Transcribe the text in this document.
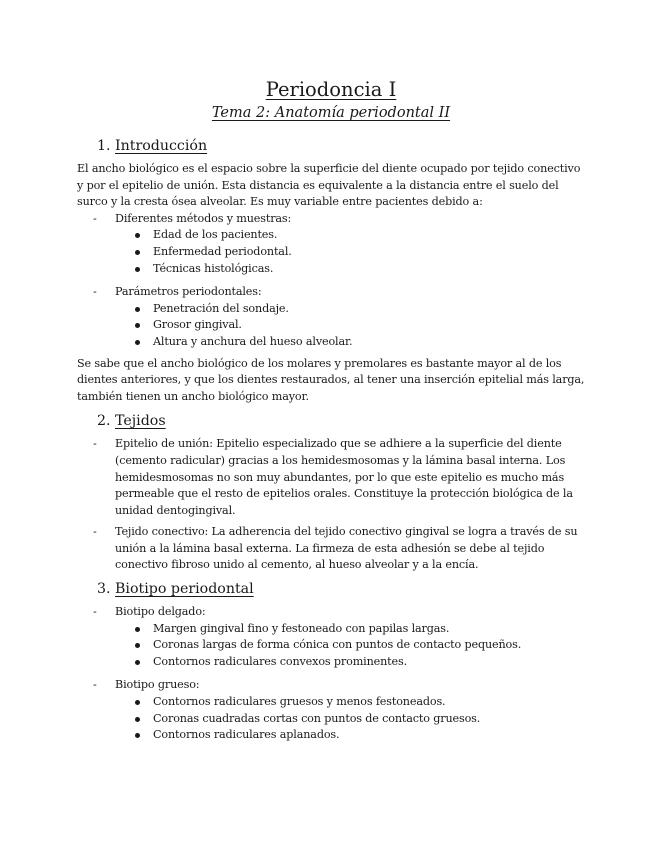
Periodoncia I
Tema 2: Anatomía periodontal II
1. Introducción

El ancho biológico es el espacio sobre la superficie del diente ocupado por tejido conectivo y por el epitelio de unión. Esta distancia es equivalente a la distancia entre el suelo del surco y la cresta ósea alveolar. Es muy variable entre pacientes debido a:

- Diferentes métodos y muestras:
Edad de los pacientes.
Enfermedad periodontal.
Técnicas histológicas.
- Parámetros periodontales:
Penetración del sondaje.
Grosor gingival.
Altura y anchura del hueso alveolar.

Se sabe que el ancho biológico de los molares y premolares es bastante mayor al de los dientes anteriores, y que los dientes restaurados, al tener una inserción epitelial más larga, también tienen un ancho biológico mayor.

2. Tejidos
- Epitelio de unión: Epitelio especializado que se adhiere a la superficie del diente (cemento radicular) gracias a los hemidesmosomas y la lámina basal interna. Los hemidesmosomas no son muy abundantes, por lo que este epitelio es mucho más permeable que el resto de epitelios orales. Constituye la protección biológica de la unidad dentogingival.
- Tejido conectivo: La adherencia del tejido conectivo gingival se logra a través de su unión a la lámina basal externa. La firmeza de esta adhesión se debe al tejido conectivo fibroso unido al cemento, al hueso alveolar y a la encía.
3. Biotipo periodontal
- Biotipo delgado:
Margen gingival fino y festoneado con papilas largas.
Coronas largas de forma cónica con puntos de contacto pequeños.
Contornos radiculares convexos prominentes.
- Biotipo grueso:
Contornos radiculares gruesos y menos festoneados.
Coronas cuadradas cortas con puntos de contacto gruesos.
Contornos radiculares aplanados.
